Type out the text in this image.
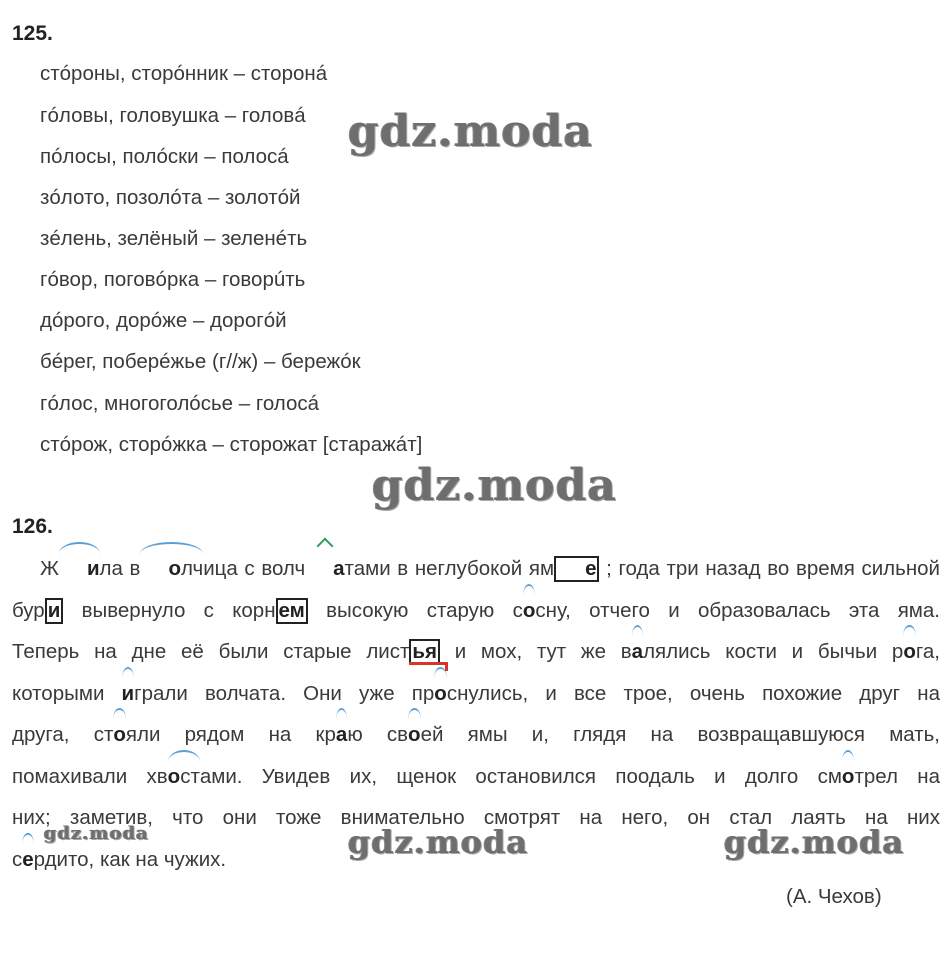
125.
стóроны, сторóнник – сторонá
гóловы, головушка – головá
пóлосы, полóски – полосá
зóлото, позолóта – золотóй
зéлень, зелёный – зеленéть
гóвор, поговóрка – говорúть
дóрого, дорóже – дорогóй
бéрег, поберéжье (г//ж) – бережóк
гóлос, многоголóсье – голосá
стóрож, сторóжка – сторожат [старажáт]
126.
Ж ила в олчица с волч атами в неглубокой ям е ; года три назад во время сильной
бур и вывернуло с корн ем высокую старую сосну, отчего и образовалась эта яма.
Теперь на дне её были старые лист ья и мох, тут же валялись кости и бычьи рога,
которыми играли волчата. Они уже проснулись, и все трое, очень похожие друг на
друга, стояли рядом на краю своей ямы и, глядя на возвращавшуюся мать,
помахивали хвостами. Увидев их, щенок остановился поодаль и долго смотрел на
них; заметив, что они тоже внимательно смотрят на него, он стал лаять на них
сердито, как на чужих.
(А. Чехов)
gdz.moda
gdz.moda
gdz.moda	gdz.moda	gdz.moda
